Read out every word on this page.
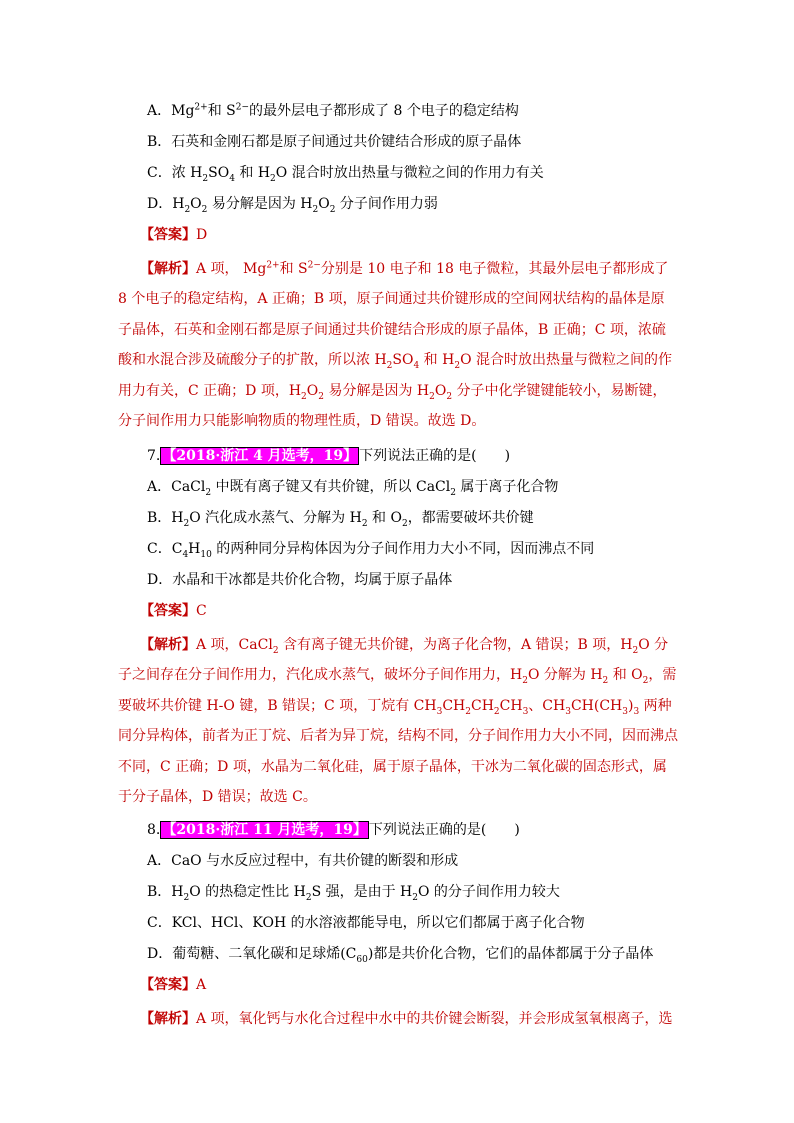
A．$Mg^{2+}$和 $S^{2-}$的最外层电子都形成了 8 个电子的稳定结构
B．石英和金刚石都是原子间通过共价键结合形成的原子晶体
C．浓 $H_2SO_4$ 和 $H_2O$ 混合时放出热量与微粒之间的作用力有关
D．$H_2O_2$ 易分解是因为 $H_2O_2$ 分子间作用力弱
【答案】D
【解析】A 项， $Mg^{2+}$和 $S^{2-}$分别是 10 电子和 18 电子微粒，其最外层电子都形成了 8 个电子的稳定结构，A 正确；B 项，原子间通过共价键形成的空间网状结构的晶体是原子晶体，石英和金刚石都是原子间通过共价键结合形成的原子晶体，B 正确；C 项，浓硫酸和水混合涉及硫酸分子的扩散，所以浓 $H_2SO_4$ 和 $H_2O$ 混合时放出热量与微粒之间的作用力有关，C 正确；D 项，$H_2O_2$ 易分解是因为 $H_2O_2$ 分子中化学键键能较小，易断键，分子间作用力只能影响物质的物理性质，D 错误。故选 D。
7. 【2018·浙江 4 月选考，19】 下列说法正确的是(　　)
A．CaCl$_2$ 中既有离子键又有共价键，所以 CaCl$_2$ 属于离子化合物
B．$H_2O$ 汽化成水蒸气、分解为 $H_2$ 和 $O_2$，都需要破坏共价键
C．$C_4H_{10}$ 的两种同分异构体因为分子间作用力大小不同，因而沸点不同
D．水晶和干冰都是共价化合物，均属于原子晶体
【答案】C
【解析】A 项，CaCl$_2$ 含有离子键无共价键，为离子化合物，A 错误；B 项，$H_2O$ 分子之间存在分子间作用力，汽化成水蒸气，破坏分子间作用力，$H_2O$ 分解为 $H_2$ 和 $O_2$，需要破坏共价键 H-O 键，B 错误；C 项，丁烷有 $CH_3CH_2CH_2CH_3$、$CH_3CH(CH_3)_3$ 两种同分异构体，前者为正丁烷、后者为异丁烷，结构不同，分子间作用力大小不同，因而沸点不同，C 正确；D 项，水晶为二氧化硅，属于原子晶体，干冰为二氧化碳的固态形式，属于分子晶体，D 错误；故选 C。
8. 【2018·浙江 11 月选考，19】 下列说法正确的是(　　)
A．CaO 与水反应过程中，有共价键的断裂和形成
B．$H_2O$ 的热稳定性比 $H_2S$ 强，是由于 $H_2O$ 的分子间作用力较大
C．KCl、HCl、KOH 的水溶液都能导电，所以它们都属于离子化合物
D．葡萄糖、二氧化碳和足球烯$(C_{60})$都是共价化合物，它们的晶体都属于分子晶体
【答案】A
【解析】A 项，氧化钙与水化合过程中水中的共价键会断裂，并会形成氢氧根离子，选
